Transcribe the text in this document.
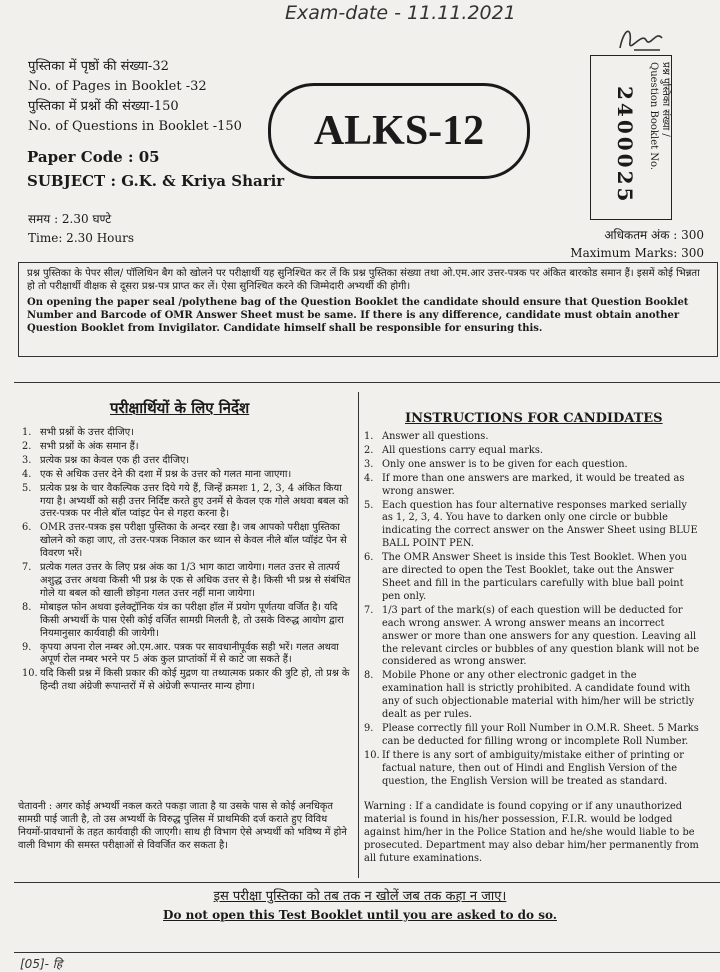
Exam-date - 11.11.2021
पुस्तिका में पृष्ठों की संख्या-32
No. of Pages in Booklet -32
पुस्तिका में प्रश्नों की संख्या-150
No. of Questions in Booklet -150
Paper Code : 05
SUBJECT : G.K. & Kriya Sharir
समय : 2.30 घण्टे
Time: 2.30 Hours
ALKS-12	प्रश्न पुस्तिका संख्या /
Question Booklet No.
2400025
अधिकतम अंक : 300
Maximum Marks: 300

प्रश्न पुस्तिका के पेपर सील/ पॉलिथिन बैग को खोलने पर परीक्षार्थी यह सुनिश्चित कर लें कि प्रश्न पुस्तिका संख्या तथा ओ.एम.आर उत्तर-पत्रक पर अंकित बारकोड समान हैं। इसमें कोई भिन्नता हो तो परीक्षार्थी वीक्षक से दूसरा प्रश्न-पत्र प्राप्त कर लें। ऐसा सुनिश्चित करने की जिम्मेदारी अभ्यर्थी की होगी।

On opening the paper seal /polythene bag of the Question Booklet the candidate should ensure that Question Booklet Number and Barcode of OMR Answer Sheet must be same. If there is any difference, candidate must obtain another Question Booklet from Invigilator. Candidate himself shall be responsible for ensuring this.

परीक्षार्थियों के लिए निर्देश
1. सभी प्रश्नों के उत्तर दीजिए।
2. सभी प्रश्नों के अंक समान हैं।
3. प्रत्येक प्रश्न का केवल एक ही उत्तर दीजिए।
4. एक से अधिक उत्तर देने की दशा में प्रश्न के उत्तर को गलत माना जाएगा।
5. प्रत्येक प्रश्न के चार वैकल्पिक उत्तर दिये गये हैं, जिन्हें क्रमशः 1, 2, 3, 4 अंकित किया गया है। अभ्यर्थी को सही उत्तर निर्दिष्ट करते हुए उनमें से केवल एक गोले अथवा बबल को उत्तर-पत्रक पर नीले बॉल प्वांइट पेन से गहरा करना है।
6. OMR उत्तर-पत्रक इस परीक्षा पुस्तिका के अन्दर रखा है। जब आपको परीक्षा पुस्तिका खोलने को कहा जाए, तो उत्तर-पत्रक निकाल कर ध्यान से केवल नीले बॉल प्वॉइंट पेन से विवरण भरें।
7. प्रत्येक गलत उत्तर के लिए प्रश्न अंक का 1/3 भाग काटा जायेगा। गलत उत्तर से तात्पर्य अशुद्ध उत्तर अथवा किसी भी प्रश्न के एक से अधिक उत्तर से है। किसी भी प्रश्न से संबंधित गोले या बबल को खाली छोड़ना गलत उत्तर नहीं माना जायेगा।
8. मोबाइल फोन अथवा इलेक्ट्रॉनिक यंत्र का परीक्षा हॉल में प्रयोग पूर्णतया वर्जित है। यदि किसी अभ्यर्थी के पास ऐसी कोई वर्जित सामग्री मिलती है, तो उसके विरुद्ध आयोग द्वारा नियमानुसार कार्यवाही की जायेगी।
9. कृपया अपना रोल नम्बर ओ.एम.आर. पत्रक पर सावधानीपूर्वक सही भरें। गलत अथवा अपूर्ण रोल नम्बर भरने पर 5 अंक कुल प्राप्तांकों में से काटे जा सकते हैं।
10. यदि किसी प्रश्न में किसी प्रकार की कोई मुद्रण या तथ्यात्मक प्रकार की त्रुटि हो, तो प्रश्न के हिन्दी तथा अंग्रेजी रूपान्तरों में से अंग्रेजी रूपान्तर मान्य होगा।
चेतावनी : अगर कोई अभ्यर्थी नकल करते पकड़ा जाता है या उसके पास से कोई अनधिकृत सामग्री पाई जाती है, तो उस अभ्यर्थी के विरुद्ध पुलिस में प्राथमिकी दर्ज कराते हुए विविध नियमों-प्रावधानों के तहत कार्यवाही की जाएगी। साथ ही विभाग ऐसे अभ्यर्थी को भविष्य में होने वाली विभाग की समस्त परीक्षाओं से विवर्जित कर सकता है।
INSTRUCTIONS FOR CANDIDATES
1. Answer all questions.
2. All questions carry equal marks.
3. Only one answer is to be given for each question.
4. If more than one answers are marked, it would be treated as wrong answer.
5. Each question has four alternative responses marked serially as 1, 2, 3, 4. You have to darken only one circle or bubble indicating the correct answer on the Answer Sheet using BLUE BALL POINT PEN.
6. The OMR Answer Sheet is inside this Test Booklet. When you are directed to open the Test Booklet, take out the Answer Sheet and fill in the particulars carefully with blue ball point pen only.
7. 1/3 part of the mark(s) of each question will be deducted for each wrong answer. A wrong answer means an incorrect answer or more than one answers for any question. Leaving all the relevant circles or bubbles of any question blank will not be considered as wrong answer.
8. Mobile Phone or any other electronic gadget in the examination hall is strictly prohibited. A candidate found with any of such objectionable material with him/her will be strictly dealt as per rules.
9. Please correctly fill your Roll Number in O.M.R. Sheet. 5 Marks can be deducted for filling wrong or incomplete Roll Number.
10. If there is any sort of ambiguity/mistake either of printing or factual nature, then out of Hindi and English Version of the question, the English Version will be treated as standard.
Warning : If a candidate is found copying or if any unauthorized material is found in his/her possession, F.I.R. would be lodged against him/her in the Police Station and he/she would liable to be prosecuted. Department may also debar him/her permanently from all future examinations.
इस परीक्षा पुस्तिका को तब तक न खोलें जब तक कहा न जाए।
Do not open this Test Booklet until you are asked to do so.
[05]- हि
